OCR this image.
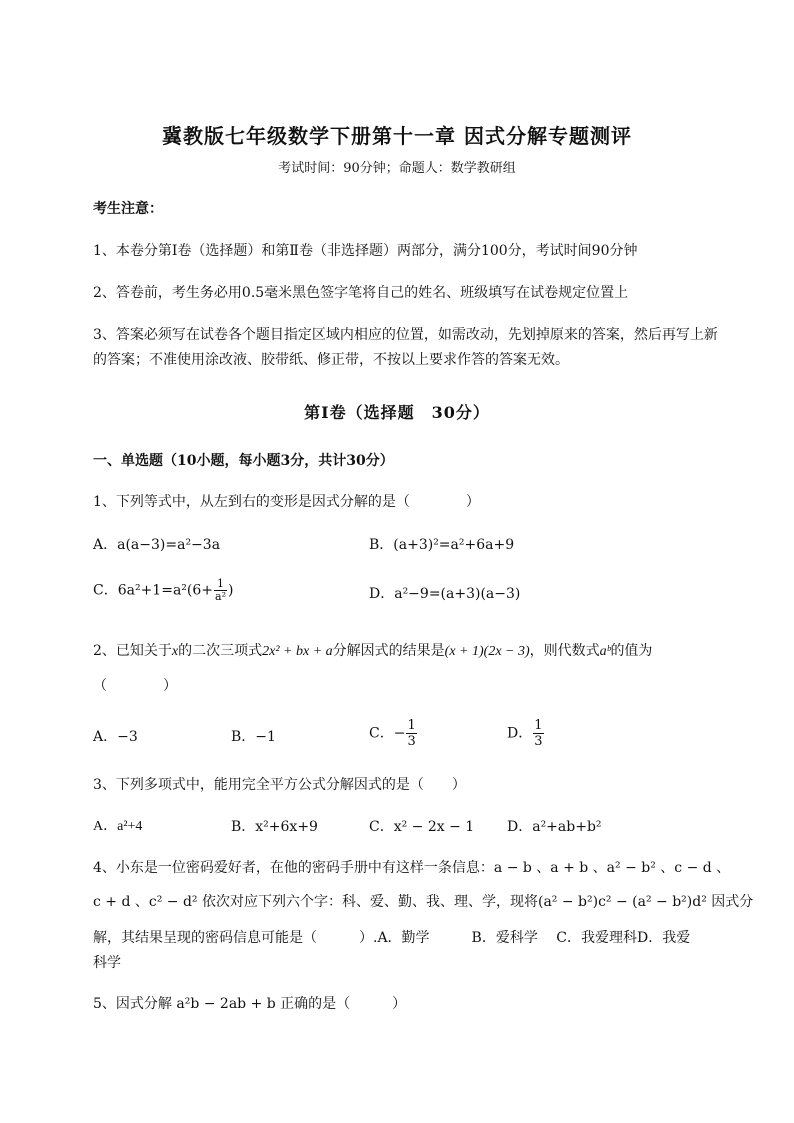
冀教版七年级数学下册第十一章 因式分解专题测评
考试时间：90分钟；命题人：数学教研组
考生注意：
1、本卷分第I卷（选择题）和第Ⅱ卷（非选择题）两部分，满分100分，考试时间90分钟
2、答卷前，考生务必用0.5毫米黑色签字笔将自己的姓名、班级填写在试卷规定位置上
3、答案必须写在试卷各个题目指定区域内相应的位置，如需改动，先划掉原来的答案，然后再写上新
的答案；不准使用涂改液、胶带纸、修正带，不按以上要求作答的答案无效。
第I卷（选择题　30分）
一、单选题（10小题，每小题3分，共计30分）
1、下列等式中，从左到右的变形是因式分解的是（　　　　）
A．a(a−3)=a²−3a	B．(a+3)²=a²+6a+9
C．$6a^2+1=a^2(6+ \frac{1}{\text{a²}}$ )	D．a²−9=(a+3)(a−3)
2、已知关于x的二次三项式2x² + bx + a分解因式的结果是(x + 1)(2x − 3)，则代数式aᵇ的值为
（　　　　）
A．−3	B．−1	C．− $\frac{1}{3}$	D． $\frac{1}{3}$
3、下列多项式中，能用完全平方公式分解因式的是（　　）
A．a²+4	B．x²+6x+9	C．x² − 2x − 1 D．a²+ab+b²
4、小东是一位密码爱好者，在他的密码手册中有这样一条信息：a − b 、a + b 、a² − b² 、c − d 、
c + d 、c² − d² 依次对应下列六个字：科、爱、勤、我、理、学，现将(a² − b²)c² − (a² − b²)d² 因式分
解，其结果呈现的密码信息可能是（　　　）.A．勤学　　　B．爱科学　 C．我爱理科D．我爱
科学
5、因式分解 a²b − 2ab + b 正确的是（　　　）
